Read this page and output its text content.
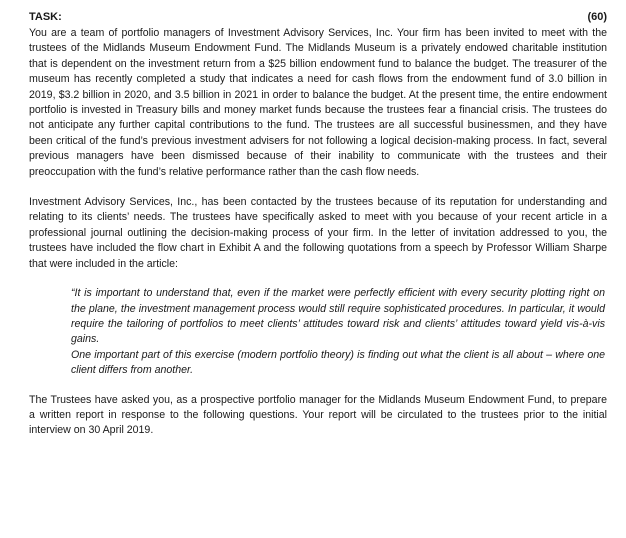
TASK:	(60)

You are a team of portfolio managers of Investment Advisory Services, Inc. Your firm has been invited to meet with the trustees of the Midlands Museum Endowment Fund. The Midlands Museum is a privately endowed charitable institution that is dependent on the investment return from a $25 billion endowment fund to balance the budget. The treasurer of the museum has recently completed a study that indicates a need for cash flows from the endowment fund of 3.0 billion in 2019, $3.2 billion in 2020, and 3.5 billion in 2021 in order to balance the budget. At the present time, the entire endowment portfolio is invested in Treasury bills and money market funds because the trustees fear a financial crisis. The trustees do not anticipate any further capital contributions to the fund. The trustees are all successful businessmen, and they have been critical of the fund’s previous investment advisers for not following a logical decision-making process. In fact, several previous managers have been dismissed because of their inability to communicate with the trustees and their preoccupation with the fund’s relative performance rather than the cash flow needs.

Investment Advisory Services, Inc., has been contacted by the trustees because of its reputation for understanding and relating to its clients’ needs. The trustees have specifically asked to meet with you because of your recent article in a professional journal outlining the decision-making process of your firm. In the letter of invitation addressed to you, the trustees have included the flow chart in Exhibit A and the following quotations from a speech by Professor William Sharpe that were included in the article:

“It is important to understand that, even if the market were perfectly efficient with every security plotting right on the plane, the investment management process would still require sophisticated procedures. In particular, it would require the tailoring of portfolios to meet clients’ attitudes toward risk and clients’ attitudes toward yield vis-à-vis gains.

One important part of this exercise (modern portfolio theory) is finding out what the client is all about – where one client differs from another.

The Trustees have asked you, as a prospective portfolio manager for the Midlands Museum Endowment Fund, to prepare a written report in response to the following questions. Your report will be circulated to the trustees prior to the initial interview on 30 April 2019.
